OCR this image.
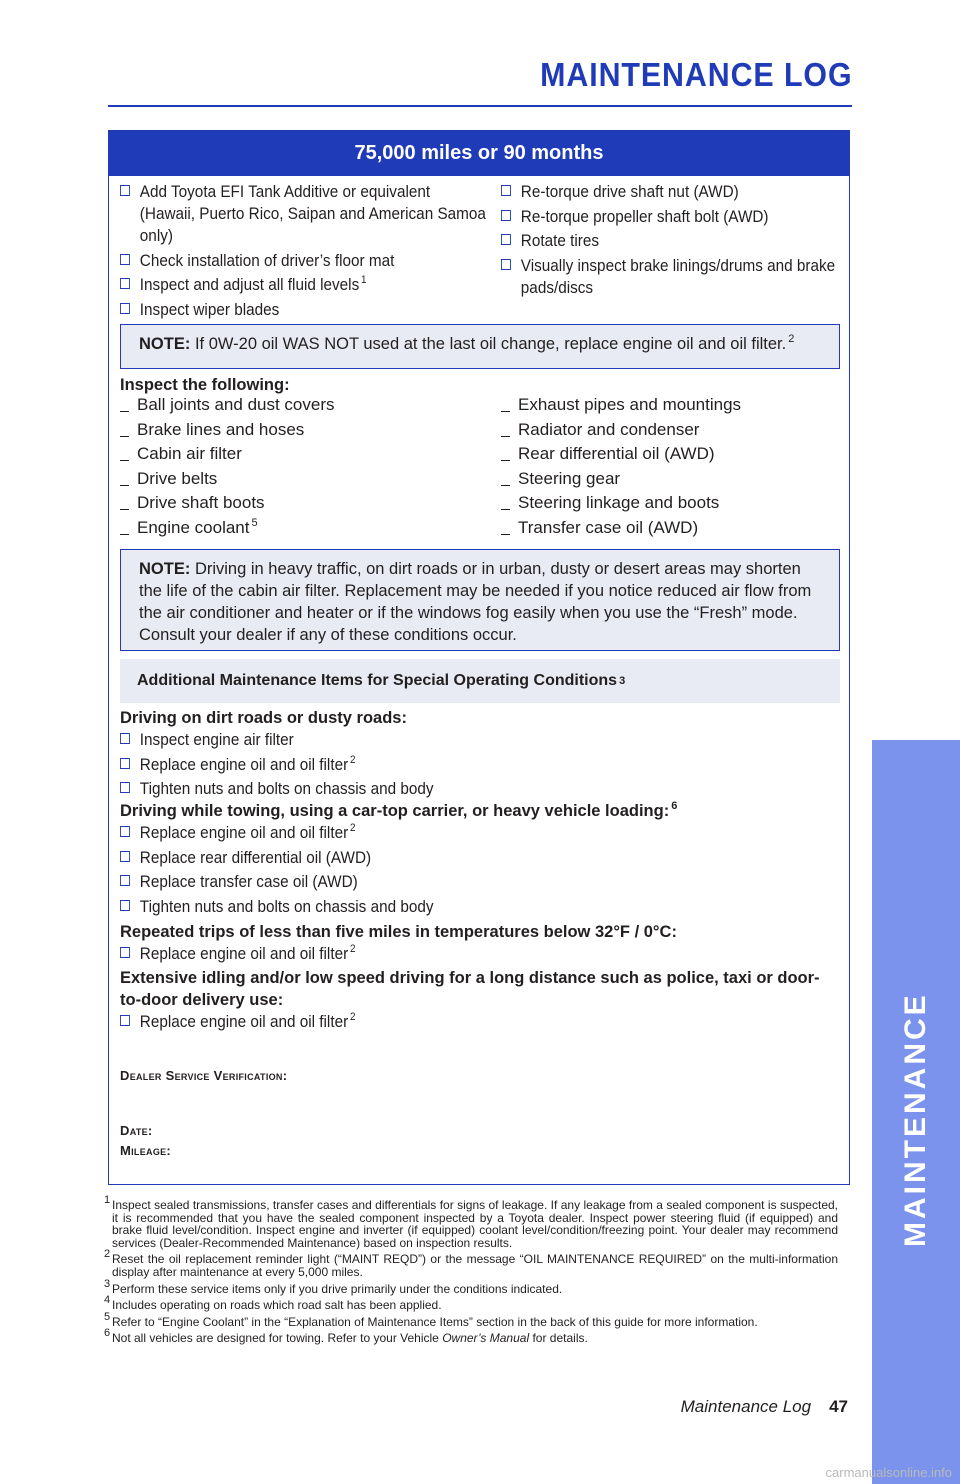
MAINTENANCE LOG
MAINTENANCE
75,000 miles or 90 months
Add Toyota EFI Tank Additive or equivalent (Hawaii, Puerto Rico, Saipan and American Samoa only)
Check installation of driver’s floor mat
Inspect and adjust all fluid levels $^1$
Inspect wiper blades
Re-torque drive shaft nut (AWD)
Re-torque propeller shaft bolt (AWD)
Rotate tires
Visually inspect brake linings/drums and brake pads/discs
NOTE: If 0W-20 oil WAS NOT used at the last oil change, replace engine oil and oil filter. $^2$
Inspect the following:
Ball joints and dust covers
Brake lines and hoses
Cabin air filter
Drive belts
Drive shaft boots
Engine coolant $^5$
Exhaust pipes and mountings
Radiator and condenser
Rear differential oil (AWD)
Steering gear
Steering linkage and boots
Transfer case oil (AWD)
NOTE: Driving in heavy traffic, on dirt roads or in urban, dusty or desert areas may shorten the life of the cabin air filter. Replacement may be needed if you notice reduced air flow from the air conditioner and heater or if the windows fog easily when you use the “Fresh” mode. Consult your dealer if any of these conditions occur.
Additional Maintenance Items for Special Operating Conditions 3
Driving on dirt roads or dusty roads:
Inspect engine air filter
Replace engine oil and oil filter $^2$
Tighten nuts and bolts on chassis and body
Driving while towing, using a car-top carrier, or heavy vehicle loading: $^6$
Replace engine oil and oil filter $^2$
Replace rear differential oil (AWD)
Replace transfer case oil (AWD)
Tighten nuts and bolts on chassis and body
Repeated trips of less than five miles in temperatures below 32°F / 0°C:
Replace engine oil and oil filter $^2$
Extensive idling and/or low speed driving for a long distance such as police, taxi or door-to-door delivery use:
Replace engine oil and oil filter $^2$
Dealer Service Verification:
Date:
Mileage:
1 Inspect sealed transmissions, transfer cases and differentials for signs of leakage. If any leakage from a sealed component is suspected, it is recommended that you have the sealed component inspected by a Toyota dealer. Inspect power steering fluid (if equipped) and brake fluid level/condition. Inspect engine and inverter (if equipped) coolant level/condition/freezing point. Your dealer may recommend services (Dealer-Recommended Maintenance) based on inspection results.
2 Reset the oil replacement reminder light (“MAINT REQD”) or the message “OIL MAINTENANCE REQUIRED” on the multi-information display after maintenance at every 5,000 miles.
3 Perform these service items only if you drive primarily under the conditions indicated.
4 Includes operating on roads which road salt has been applied.
5 Refer to “Engine Coolant” in the “Explanation of Maintenance Items” section in the back of this guide for more information.
6 Not all vehicles are designed for towing. Refer to your Vehicle Owner’s Manual for details.
Maintenance Log 47
carmanualsonline.info
